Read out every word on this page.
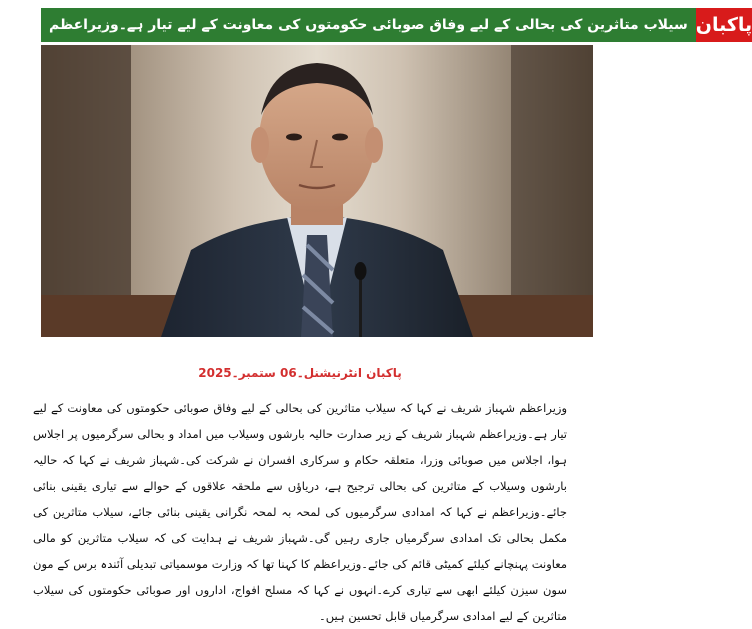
سیلاب متاثرین کی بحالی کے لیے وفاق صوبائی حکومتوں کی معاونت کے لیے تیار ہے۔وزیراعظم پاکبان
پاکبان انٹرنیشنل۔06 ستمبر۔2025

وزیراعظم شہباز شریف نے کہا کہ سیلاب متاثرین کی بحالی کے لیے وفاق صوبائی حکومتوں کی معاونت کے لیے تیار ہے۔وزیراعظم شہباز شریف کے زیر صدارت حالیہ بارشوں وسیلاب میں امداد و بحالی سرگرمیوں پر اجلاس ہوا، اجلاس میں صوبائی وزرا، متعلقہ حکام و سرکاری افسران نے شرکت کی۔شہباز شریف نے کہا کہ حالیہ بارشوں وسیلاب کے متاثرین کی بحالی ترجیح ہے، دریاؤں سے ملحقہ علاقوں کے حوالے سے تیاری یقینی بنائی جائے۔وزیراعظم نے کہا کہ امدادی سرگرمیوں کی لمحہ بہ لمحہ نگرانی یقینی بنائی جائے، سیلاب متاثرین کی مکمل بحالی تک امدادی سرگرمیاں جاری رہیں گی۔شہباز شریف نے ہدایت کی کہ سیلاب متاثرین کو مالی معاونت پہنچانے کیلئے کمیٹی قائم کی جائے۔وزیراعظم کا کہنا تھا کہ وزارت موسمیاتی تبدیلی آئندہ برس کے مون سون سیزن کیلئے ابھی سے تیاری کرے۔انہوں نے کہا کہ مسلح افواج، اداروں اور صوبائی حکومتوں کی سیلاب متاثرین کے لیے امدادی سرگرمیاں قابل تحسین ہیں۔
